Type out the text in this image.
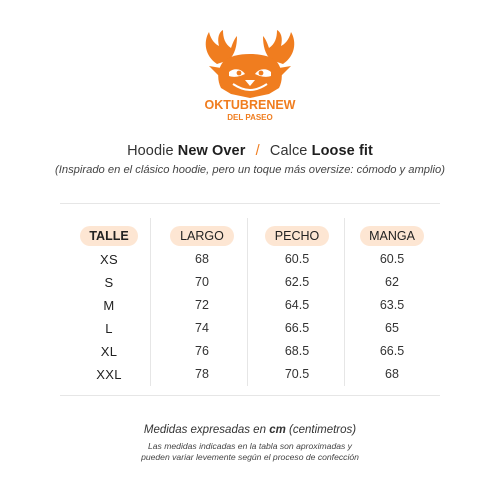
OKTUBRENEW
DEL PASEO
Hoodie New Over / Calce Loose fit
(Inspirado en el clásico hoodie, pero un toque más oversize: cómodo y amplio)
TALLE	LARGO	PECHO	MANGA
XS	68	60.5	60.5
S	70	62.5	62
M	72	64.5	63.5
L	74	66.5	65
XL	76	68.5	66.5
XXL	78	70.5	68
Medidas expresadas en cm (centimetros)
Las medidas indicadas en la tabla son aproximadas y
pueden variar levemente según el proceso de confección
